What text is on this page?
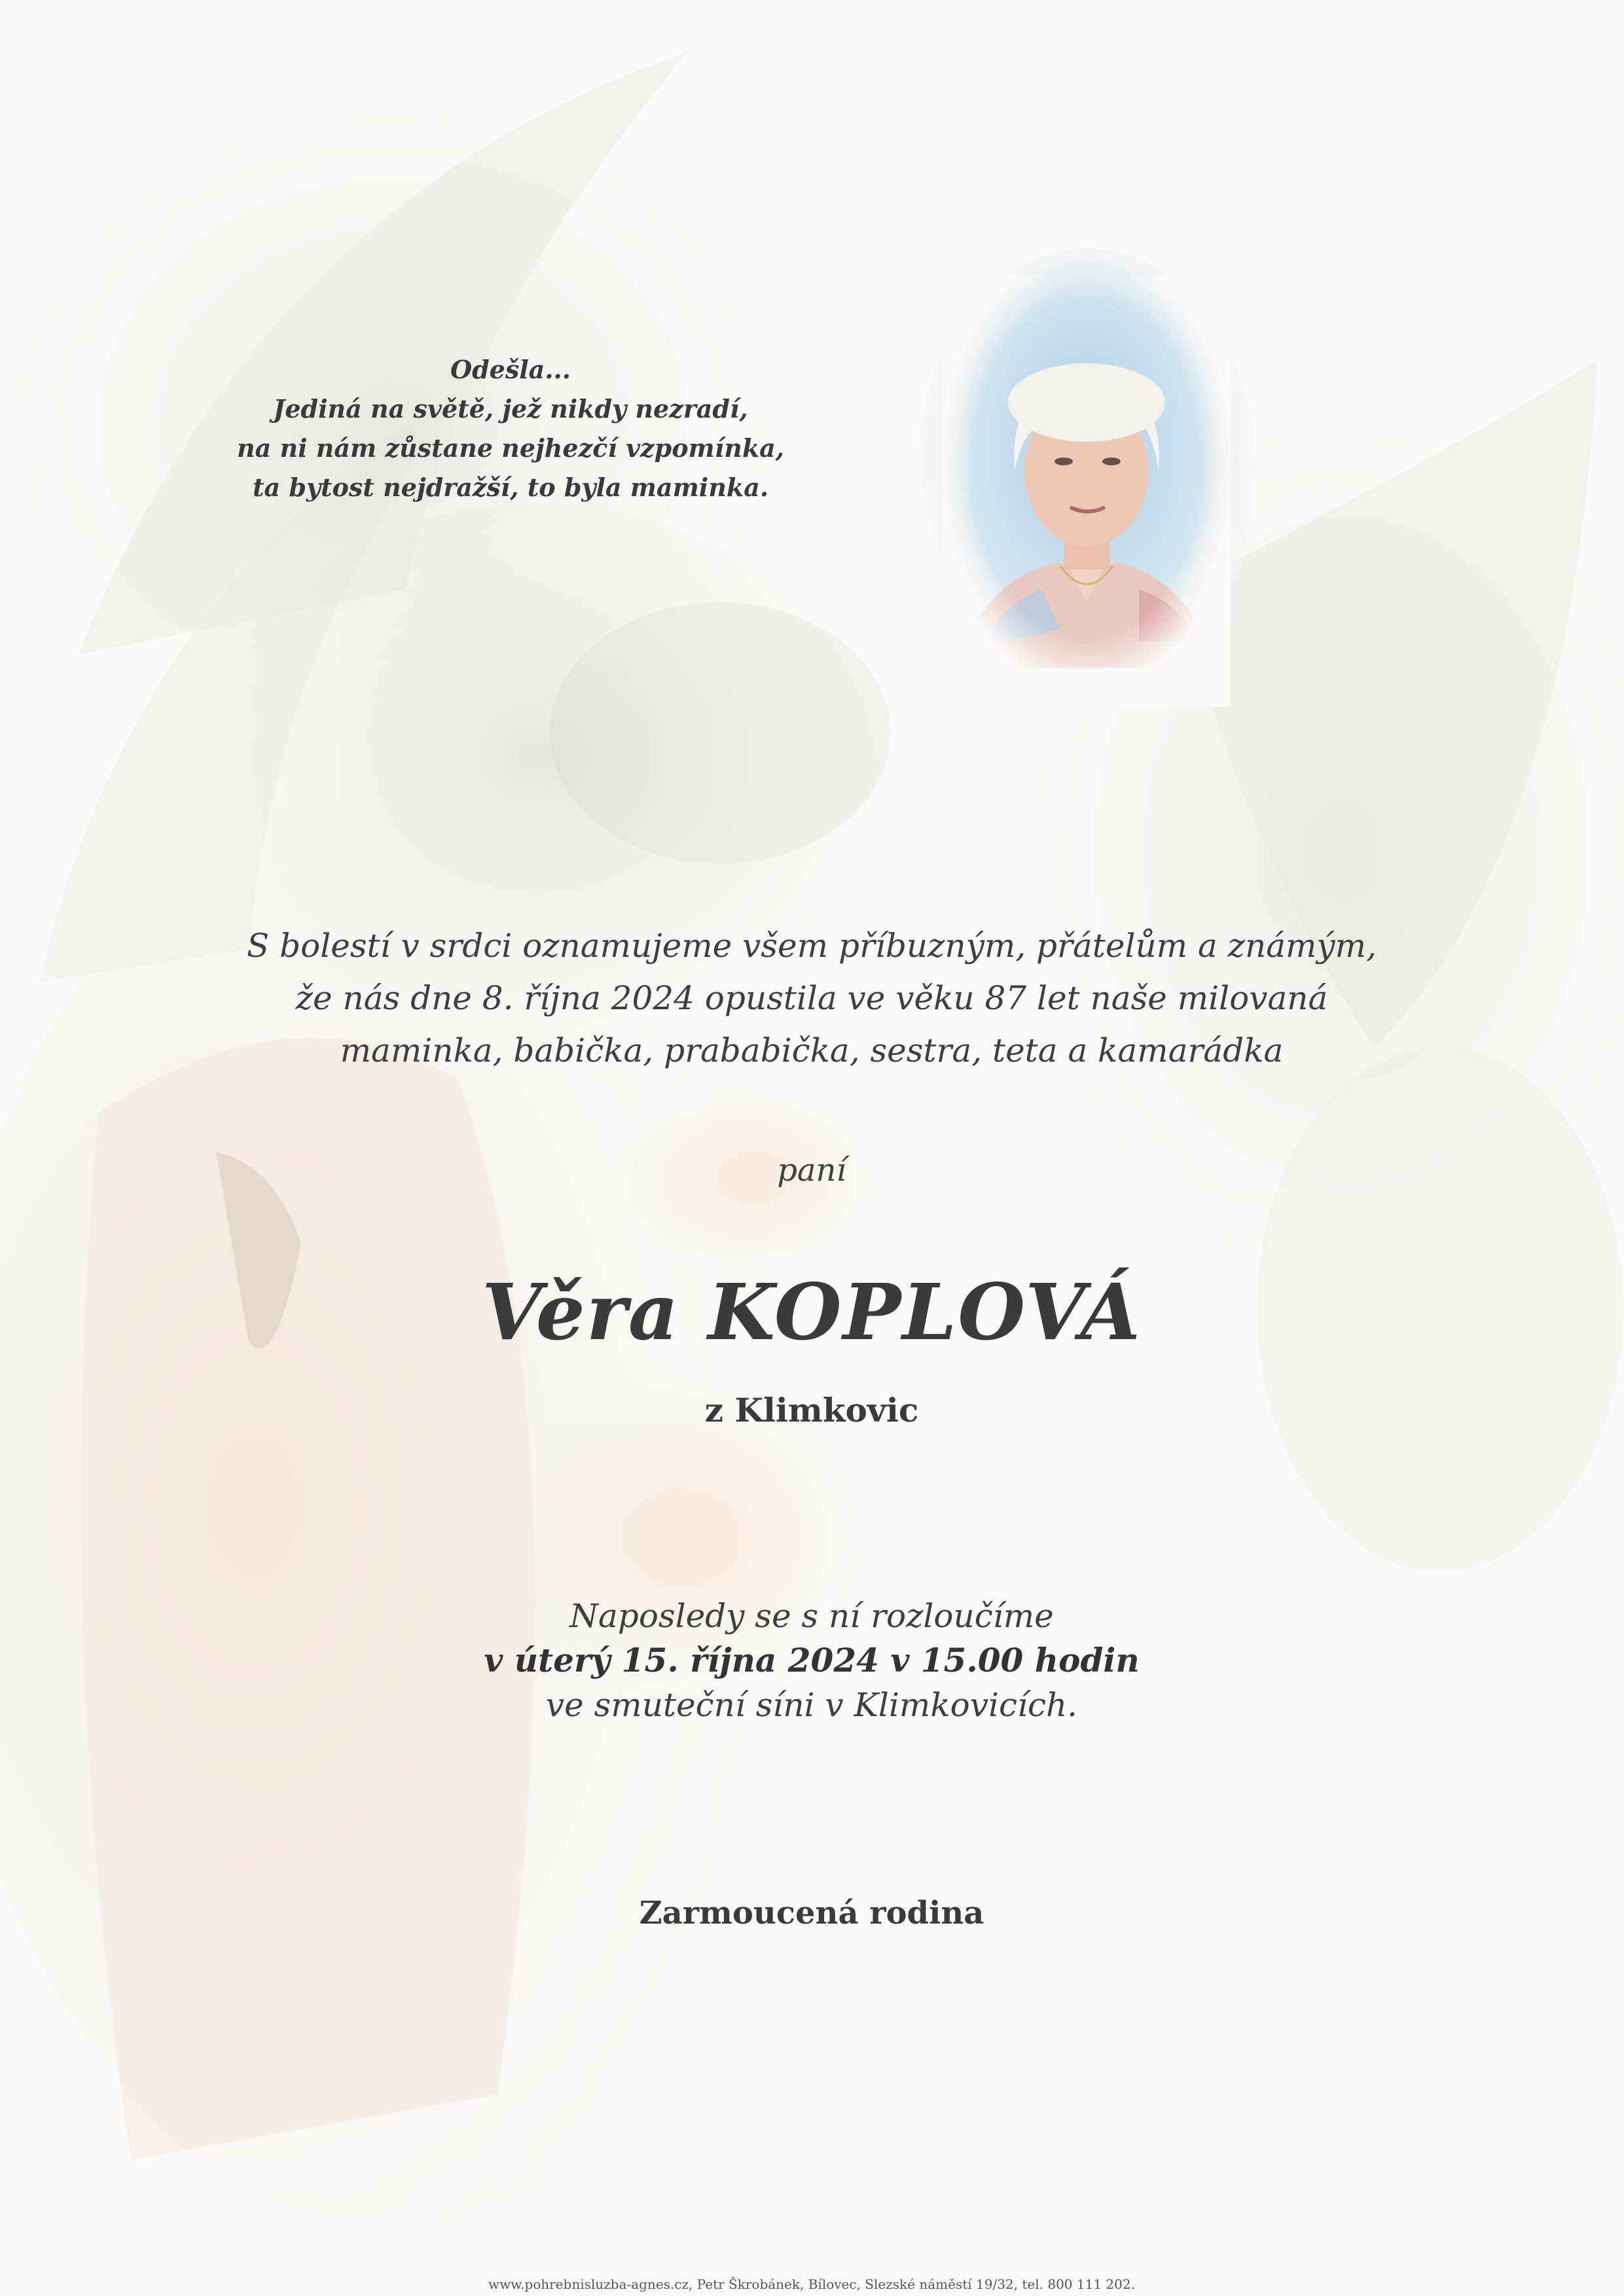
Odešla...
Jediná na světě, jež nikdy nezradí,
na ni nám zůstane nejhezčí vzpomínka,
ta bytost nejdražší, to byla maminka.
S bolestí v srdci oznamujeme všem příbuzným, přátelům a známým,
že nás dne 8. října 2024 opustila ve věku 87 let naše milovaná
maminka, babička, prababička, sestra, teta a kamarádka
paní
Věra KOPLOVÁ
z Klimkovic
Naposledy se s ní rozloučíme
v úterý 15. října 2024 v 15.00 hodin
ve smuteční síni v Klimkovicích.
Zarmoucená rodina
www.pohrebnisluzba-agnes.cz, Petr Škrobánek, Bílovec, Slezské náměstí 19/32, tel. 800 111 202.
